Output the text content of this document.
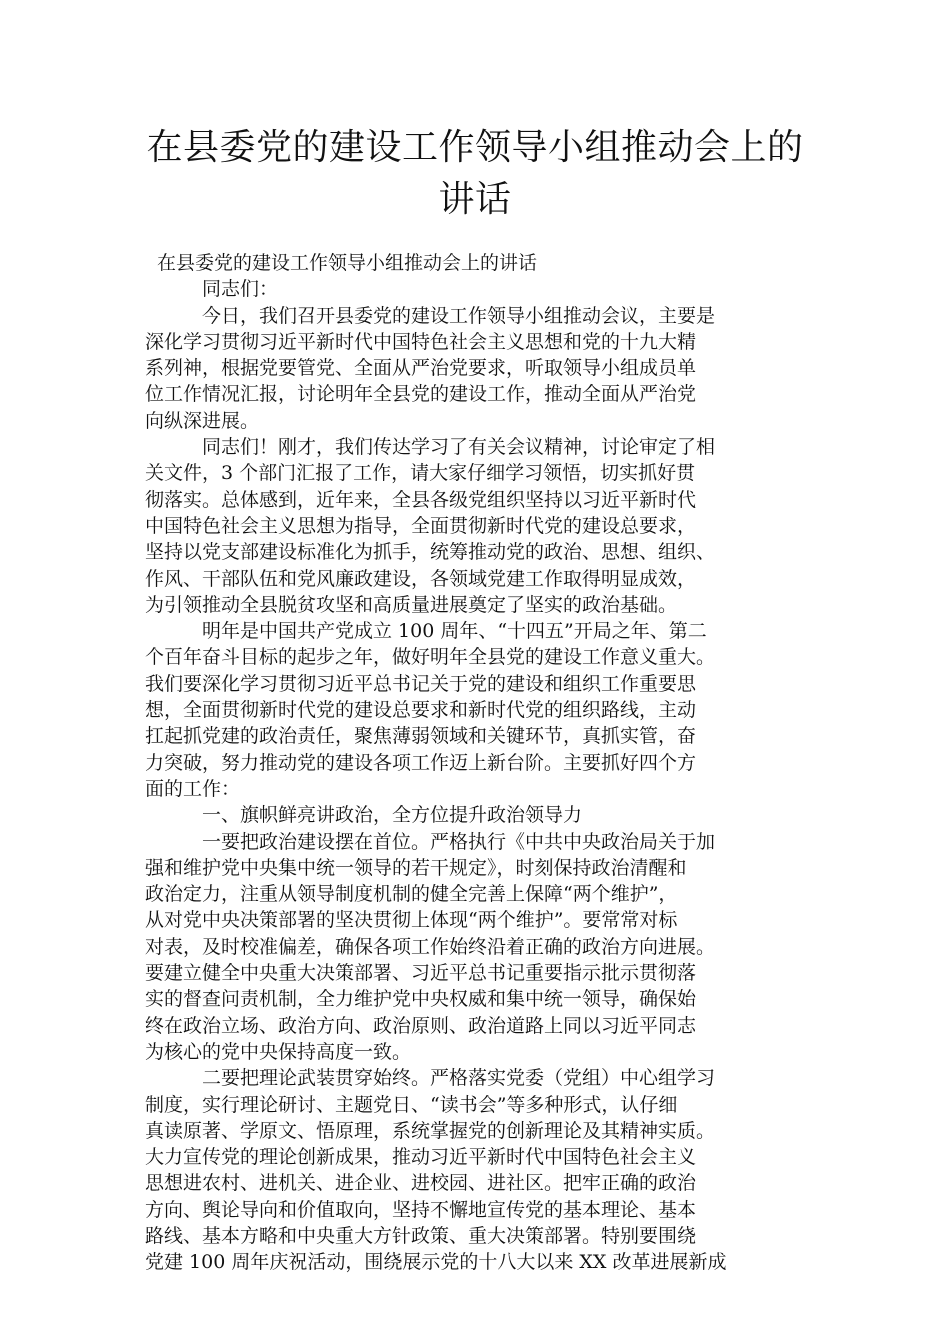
在县委党的建设工作领导小组推动会上的
讲话
在县委党的建设工作领导小组推动会上的讲话
同志们：
今日，我们召开县委党的建设工作领导小组推动会议，主要是
深化学习贯彻习近平新时代中国特色社会主义思想和党的十九大精
系列神，根据党要管党、全面从严治党要求，听取领导小组成员单
位工作情况汇报，讨论明年全县党的建设工作，推动全面从严治党
向纵深进展。
同志们！刚才，我们传达学习了有关会议精神，讨论审定了相
关文件，3 个部门汇报了工作，请大家仔细学习领悟，切实抓好贯
彻落实。总体感到，近年来，全县各级党组织坚持以习近平新时代
中国特色社会主义思想为指导，全面贯彻新时代党的建设总要求，
坚持以党支部建设标准化为抓手，统筹推动党的政治、思想、组织、
作风、干部队伍和党风廉政建设，各领域党建工作取得明显成效，
为引领推动全县脱贫攻坚和高质量进展奠定了坚实的政治基础。
明年是中国共产党成立 100 周年、“十四五”开局之年、第二
个百年奋斗目标的起步之年，做好明年全县党的建设工作意义重大。
我们要深化学习贯彻习近平总书记关于党的建设和组织工作重要思
想，全面贯彻新时代党的建设总要求和新时代党的组织路线，主动
扛起抓党建的政治责任，聚焦薄弱领域和关键环节，真抓实管，奋
力突破，努力推动党的建设各项工作迈上新台阶。主要抓好四个方
面的工作：
一、旗帜鲜亮讲政治，全方位提升政治领导力
一要把政治建设摆在首位。严格执行《中共中央政治局关于加
强和维护党中央集中统一领导的若干规定》，时刻保持政治清醒和
政治定力，注重从领导制度机制的健全完善上保障“两个维护”，
从对党中央决策部署的坚决贯彻上体现“两个维护”。要常常对标
对表，及时校准偏差，确保各项工作始终沿着正确的政治方向进展。
要建立健全中央重大决策部署、习近平总书记重要指示批示贯彻落
实的督查问责机制，全力维护党中央权威和集中统一领导，确保始
终在政治立场、政治方向、政治原则、政治道路上同以习近平同志
为核心的党中央保持高度一致。
二要把理论武装贯穿始终。严格落实党委（党组）中心组学习
制度，实行理论研讨、主题党日、“读书会”等多种形式，认仔细
真读原著、学原文、悟原理，系统掌握党的创新理论及其精神实质。
大力宣传党的理论创新成果，推动习近平新时代中国特色社会主义
思想进农村、进机关、进企业、进校园、进社区。把牢正确的政治
方向、舆论导向和价值取向，坚持不懈地宣传党的基本理论、基本
路线、基本方略和中央重大方针政策、重大决策部署。特别要围绕
党建 100 周年庆祝活动，围绕展示党的十八大以来 XX 改革进展新成
